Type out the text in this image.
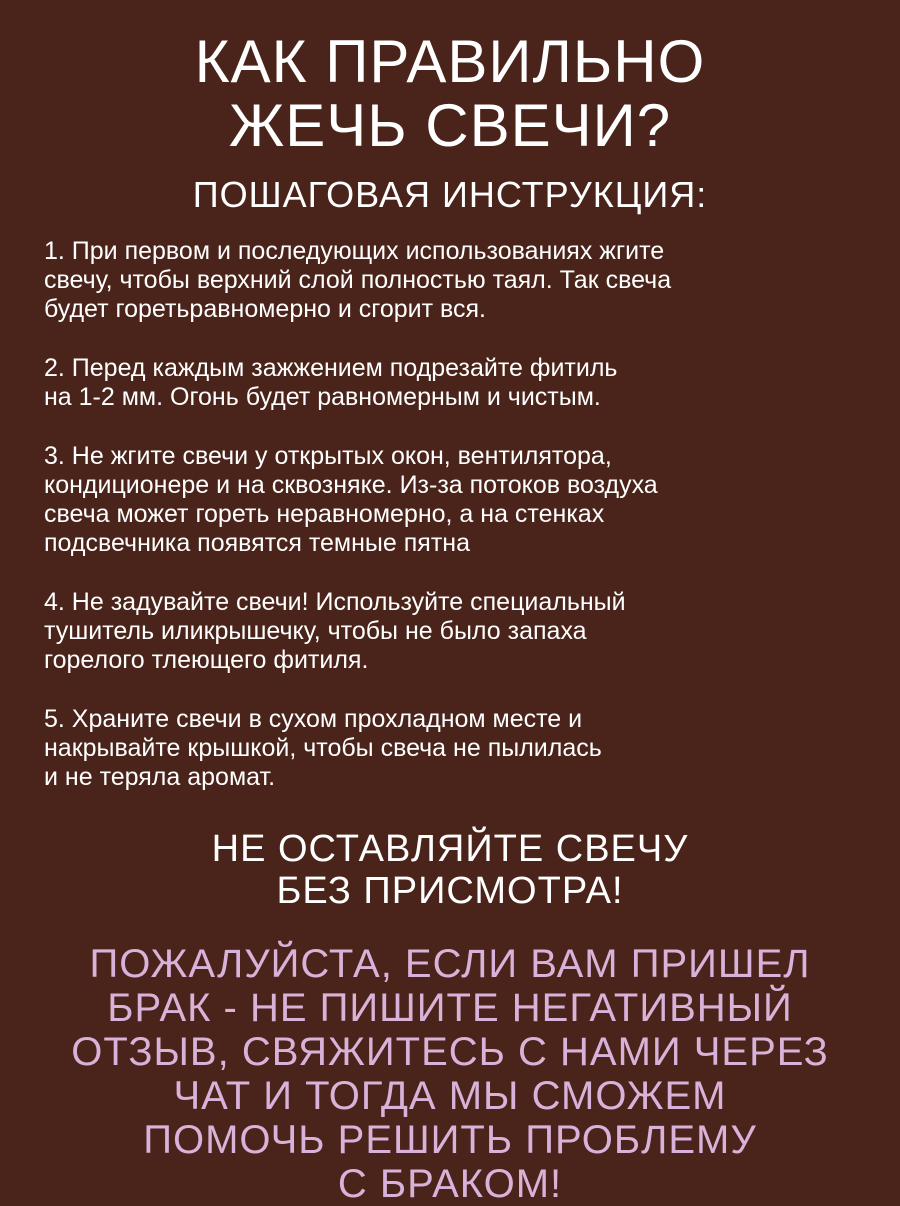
КАК ПРАВИЛЬНО
ЖЕЧЬ СВЕЧИ?
ПОШАГОВАЯ ИНСТРУКЦИЯ:

1. При первом и последующих использованиях жгите
свечу, чтобы верхний слой полностью таял. Так свеча
будет горетьравномерно и сгорит вся.

2. Перед каждым зажжением подрезайте фитиль
на 1-2 мм. Огонь будет равномерным и чистым.

3. Не жгите свечи у открытых окон, вентилятора,
кондиционере и на сквозняке. Из-за потоков воздуха
свеча может гореть неравномерно, а на стенках
подсвечника появятся темные пятна

4. Не задувайте свечи! Используйте специальный
тушитель иликрышечку, чтобы не было запаха
горелого тлеющего фитиля.

5. Храните свечи в сухом прохладном месте и
накрывайте крышкой, чтобы свеча не пылилась
и не теряла аромат.

НЕ ОСТАВЛЯЙТЕ СВЕЧУ
БЕЗ ПРИСМОТРА!
ПОЖАЛУЙСТА, ЕСЛИ ВАМ ПРИШЕЛ
БРАК - НЕ ПИШИТЕ НЕГАТИВНЫЙ
ОТЗЫВ, СВЯЖИТЕСЬ С НАМИ ЧЕРЕЗ
ЧАТ И ТОГДА МЫ СМОЖЕМ
ПОМОЧЬ РЕШИТЬ ПРОБЛЕМУ
С БРАКОМ!
